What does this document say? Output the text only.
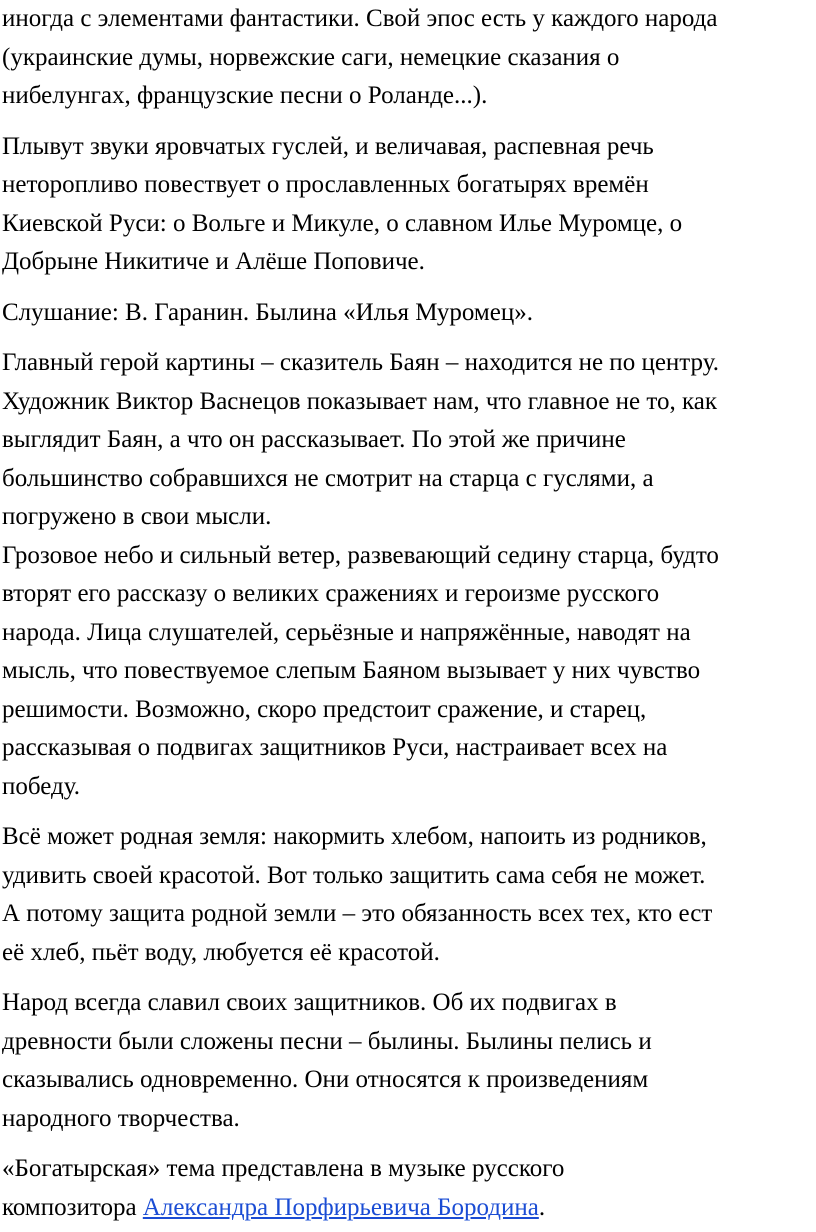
иногда с элементами фантастики. Свой эпос есть у каждого народа
(украинские думы, норвежские саги, немецкие сказания о
нибелунгах, французские песни о Роланде...).

Плывут звуки яровчатых гуслей, и величавая, распевная речь
неторопливо повествует о прославленных богатырях времён
Киевской Руси: о Вольге и Микуле, о славном Илье Муромце, о
Добрыне Никитиче и Алёше Поповиче.

Слушание: В. Гаранин. Былина «Илья Муромец».

Главный герой картины – сказитель Баян – находится не по центру.
Художник Виктор Васнецов показывает нам, что главное не то, как
выглядит Баян, а что он рассказывает. По этой же причине
большинство собравшихся не смотрит на старца с гуслями, а
погружено в свои мысли.

Грозовое небо и сильный ветер, развевающий седину старца, будто
вторят его рассказу о великих сражениях и героизме русского
народа. Лица слушателей, серьёзные и напряжённые, наводят на
мысль, что повествуемое слепым Баяном вызывает у них чувство
решимости. Возможно, скоро предстоит сражение, и старец,
рассказывая о подвигах защитников Руси, настраивает всех на
победу.

Всё может родная земля: накормить хлебом, напоить из родников,
удивить своей красотой. Вот только защитить сама себя не может.
А потому защита родной земли – это обязанность всех тех, кто ест
её хлеб, пьёт воду, любуется её красотой.

Народ всегда славил своих защитников. Об их подвигах в
древности были сложены песни – былины. Былины пелись и
сказывались одновременно. Они относятся к произведениям
народного творчества.

«Богатырская» тема представлена в музыке русского
композитора Александра Порфирьевича Бородина.
